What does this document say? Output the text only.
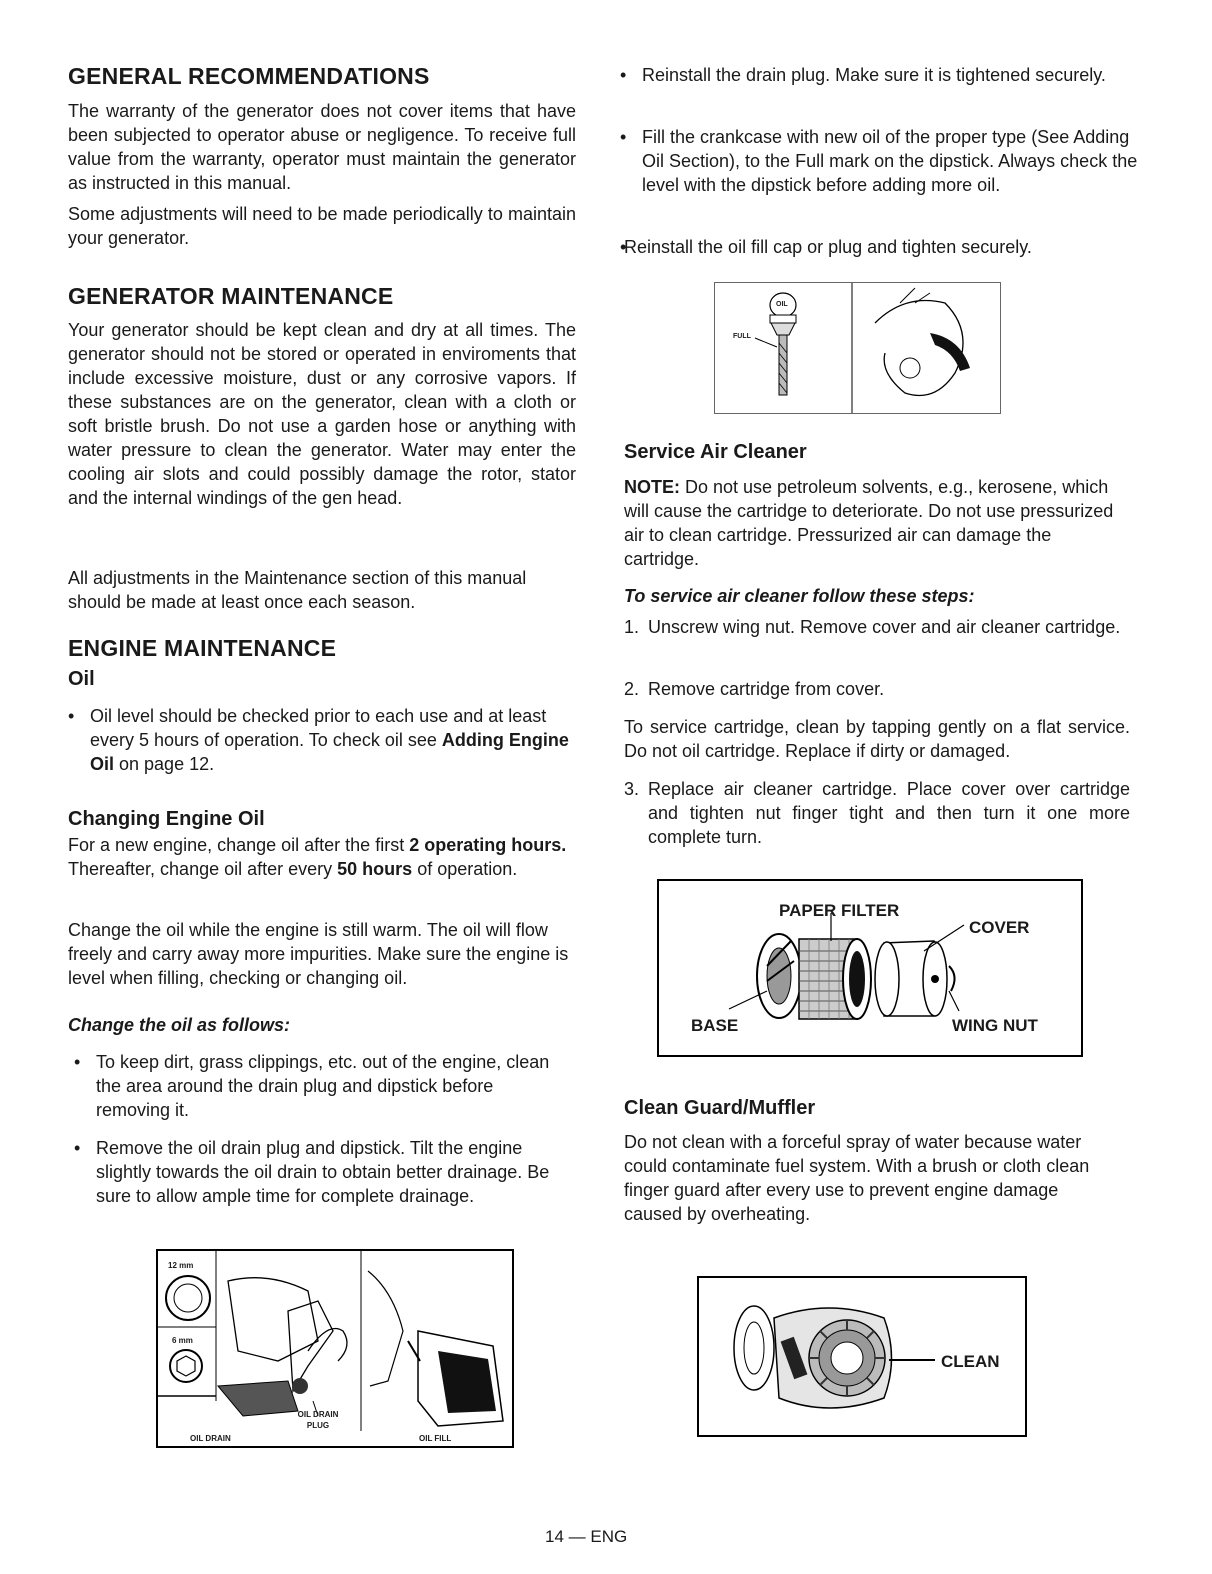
GENERAL RECOMMENDATIONS

The warranty of the generator does not cover items that have been subjected to operator abuse or negligence. To receive full value from the warranty, operator must maintain the generator as instructed in this manual.

Some adjustments will need to be made periodically to maintain your generator.

GENERATOR MAINTENANCE

Your generator should be kept clean and dry at all times. The generator should not be stored or operated in enviroments that include excessive moisture, dust or any corrosive vapors. If these substances are on the generator, clean with a cloth or soft bristle brush. Do not use a garden hose or anything with water pressure to clean the generator. Water may enter the cooling air slots and could possibly damage the rotor, stator and the internal windings of the gen head.

All adjustments in the Maintenance section of this manual should be made at least once each season.

ENGINE MAINTENANCE
Oil

• Oil level should be checked prior to each use and at least every 5 hours of operation. To check oil see Adding Engine Oil on page 12.

Changing Engine Oil

For a new engine, change oil after the first 2 operating hours. Thereafter, change oil after every 50 hours of operation.

Change the oil while the engine is still warm. The oil will flow freely and carry away more impurities. Make sure the engine is level when filling, checking or changing oil.

Change the oil as follows:

• To keep dirt, grass clippings, etc. out of the engine, clean the area around the drain plug and dipstick before removing it.

• Remove the oil drain plug and dipstick. Tilt the engine slightly towards the oil drain to obtain better drainage. Be sure to allow ample time for complete drainage.

12 mm
6 mm
OIL DRAIN PLUG
OIL DRAIN	OIL FILL

• Reinstall the drain plug. Make sure it is tightened securely.

• Fill the crankcase with new oil of the proper type (See Adding Oil Section), to the Full mark on the dipstick. Always check the level with the dipstick before adding more oil.

• Reinstall the oil fill cap or plug and tighten securely.

OIL
FULL
Service Air Cleaner

NOTE: Do not use petroleum solvents, e.g., kerosene, which will cause the cartridge to deteriorate. Do not use pressurized air to clean cartridge. Pressurized air can damage the cartridge.

To service air cleaner follow these steps:

1. Unscrew wing nut. Remove cover and air cleaner cartridge.

2. Remove cartridge from cover.

To service cartridge, clean by tapping gently on a flat service. Do not oil cartridge. Replace if dirty or damaged.

3. Replace air cleaner cartridge. Place cover over cartridge and tighten nut finger tight and then turn it one more complete turn.

PAPER FILTER
COVER
BASE	WING NUT
Clean Guard/Muffler

Do not clean with a forceful spray of water because water could contaminate fuel system. With a brush or cloth clean finger guard after every use to prevent engine damage caused by overheating.

CLEAN
14 — ENG
